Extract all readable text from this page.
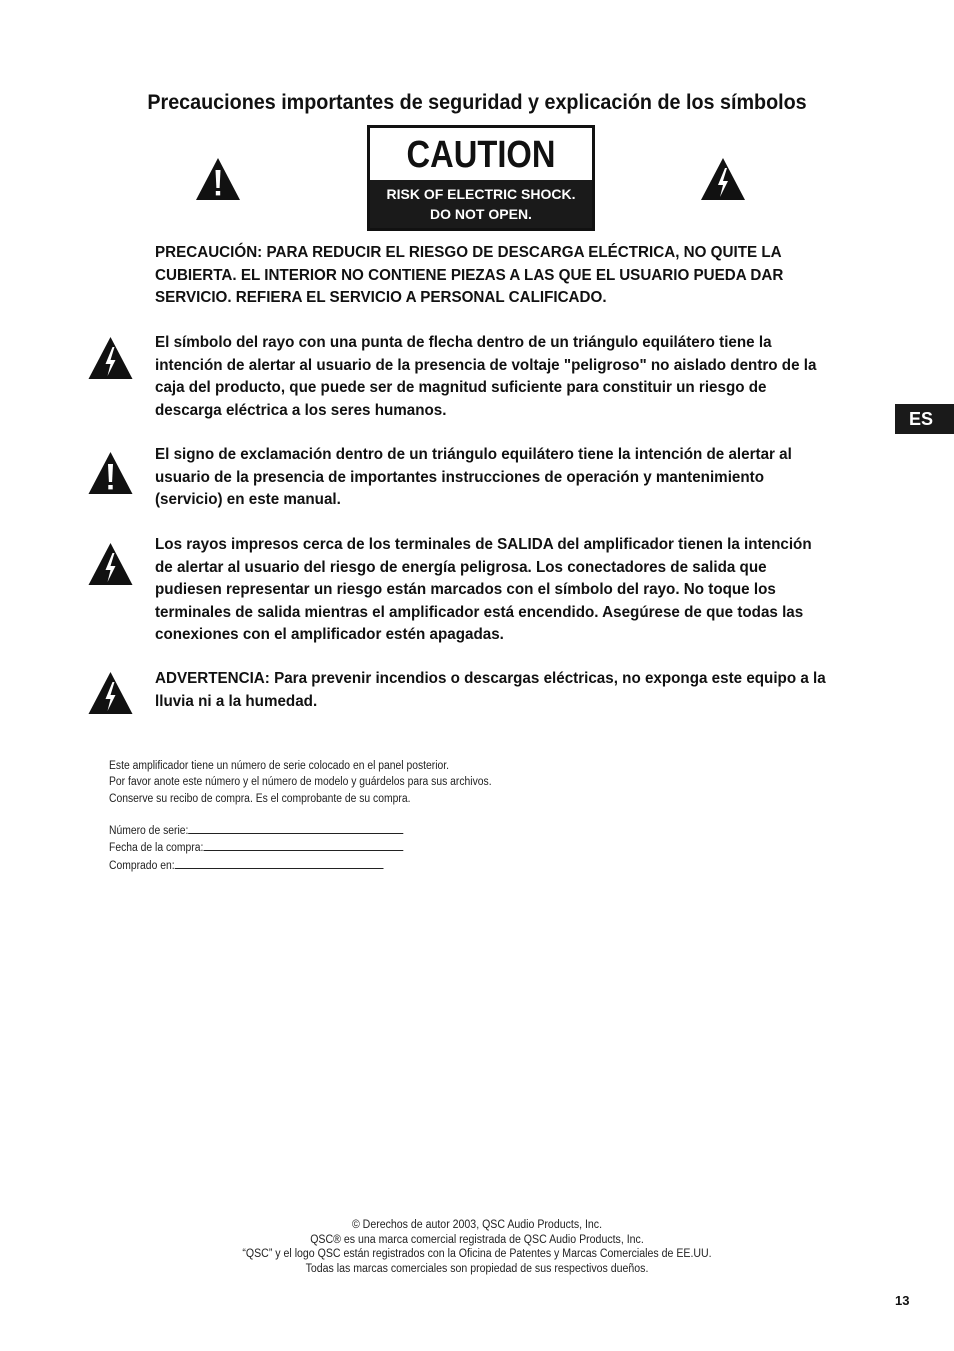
Precauciones importantes de seguridad y explicación de los símbolos
CAUTION
RISK OF ELECTRIC SHOCK.
DO NOT OPEN.
PRECAUCIÓN: PARA REDUCIR EL RIESGO DE DESCARGA ELÉCTRICA, NO QUITE LA CUBIERTA. EL INTERIOR NO CONTIENE PIEZAS A LAS QUE EL USUARIO PUEDA DAR SERVICIO. REFIERA EL SERVICIO A PERSONAL CALIFICADO.
El símbolo del rayo con una punta de flecha dentro de un triángulo equilátero tiene la intención de alertar al usuario de la presencia de voltaje "peligroso" no aislado dentro de la caja del producto, que puede ser de magnitud suficiente para constituir un riesgo de descarga eléctrica a los seres humanos.
El signo de exclamación dentro de un triángulo equilátero tiene la intención de alertar al usuario de la presencia de importantes instrucciones de operación y mantenimiento (servicio) en este manual.
Los rayos impresos cerca de los terminales de SALIDA del amplificador tienen la intención de alertar al usuario del riesgo de energía peligrosa. Los conectadores de salida que pudiesen representar un riesgo están marcados con el símbolo del rayo. No toque los terminales de salida mientras el amplificador está encendido. Asegúrese de que todas las conexiones con el amplificador estén apagadas.
ADVERTENCIA: Para prevenir incendios o descargas eléctricas, no exponga este equipo a la lluvia ni a la humedad.
ES
Este amplificador tiene un número de serie colocado en el panel posterior.
Por favor anote este número y el número de modelo y guárdelos para sus archivos.
Conserve su recibo de compra. Es el comprobante de su compra.
Número de serie:
Fecha de la compra:
Comprado en:
© Derechos de autor 2003, QSC Audio Products, Inc.
QSC® es una marca comercial registrada de QSC Audio Products, Inc.
“QSC” y el logo QSC están registrados con la Oficina de Patentes y Marcas Comerciales de EE.UU.
Todas las marcas comerciales son propiedad de sus respectivos dueños.
13
